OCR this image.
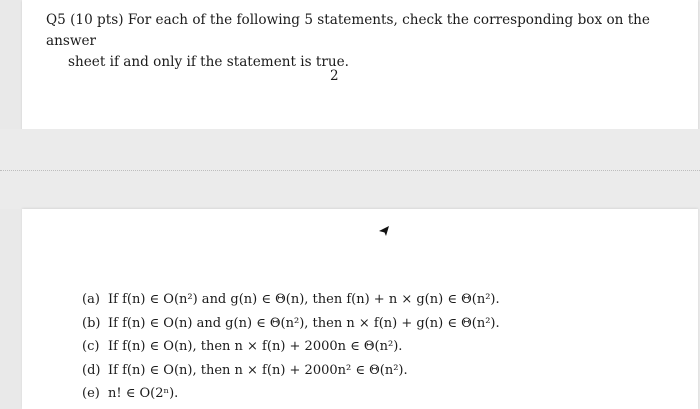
Q5 (10 pts) For each of the following 5 statements, check the corresponding box on the answer
sheet if and only if the statement is true.

2
(a) If f(n) ∈ O(n²) and g(n) ∈ Θ(n), then f(n) + n × g(n) ∈ Θ(n²).
(b) If f(n) ∈ O(n) and g(n) ∈ Θ(n²), then n × f(n) + g(n) ∈ Θ(n²).
(c) If f(n) ∈ O(n), then n × f(n) + 2000n ∈ Θ(n²).
(d) If f(n) ∈ O(n), then n × f(n) + 2000n² ∈ Θ(n²).
(e) n! ∈ O(2ⁿ).
